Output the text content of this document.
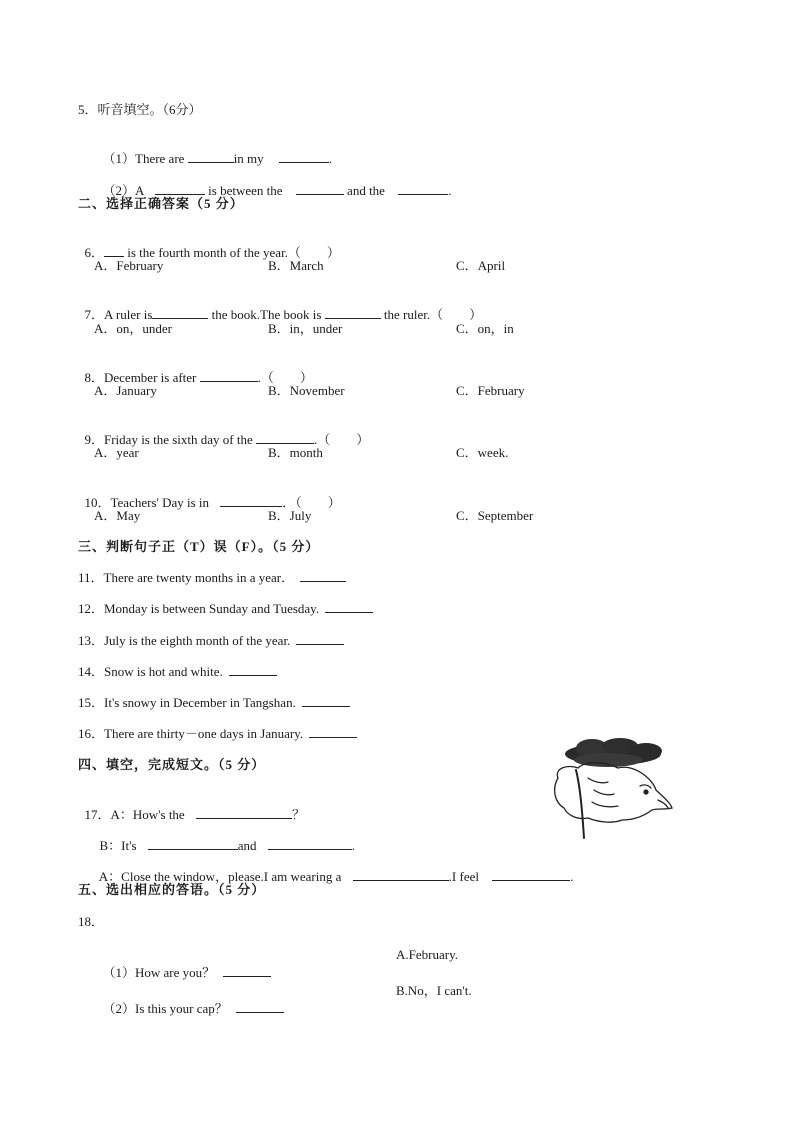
5．听音填空。（6分）

（1）There are	in my	.

（2）A	is between the	and the	.

二、选择正确答案（5 分）

6． is the fourth month of the year.（　　）

A．February	B．March	C．April

7．A ruler is	the book.The book is	the ruler.（　　）

A．on，under	B．in，under	C．on，in

8．December is after	.（　　）

A．January	B．November	C．February

9．Friday is the sixth day of the	.（　　）

A．year	B．month	C．week.

10．Teachers' Day is in	．（　　）

A．May	B．July	C．September
三、判断句子正（T）误（F）。（5 分）
11．There are twenty months in a year．
12．Monday is between Sunday and Tuesday.
13．July is the eighth month of the year.
14．Snow is hot and white.
15．It's snowy in December in Tangshan.
16．There are thirty－one days in January.
四、填空，完成短文。（5 分）

17．A：How's the	？

B：It's	and	.

A：Close the window，please.I am wearing a	.I feel	.

五、选出相应的答语。（5 分）
18．

（1）How are you？

A.February.

（2）Is this your cap？

B.No，I can't.
